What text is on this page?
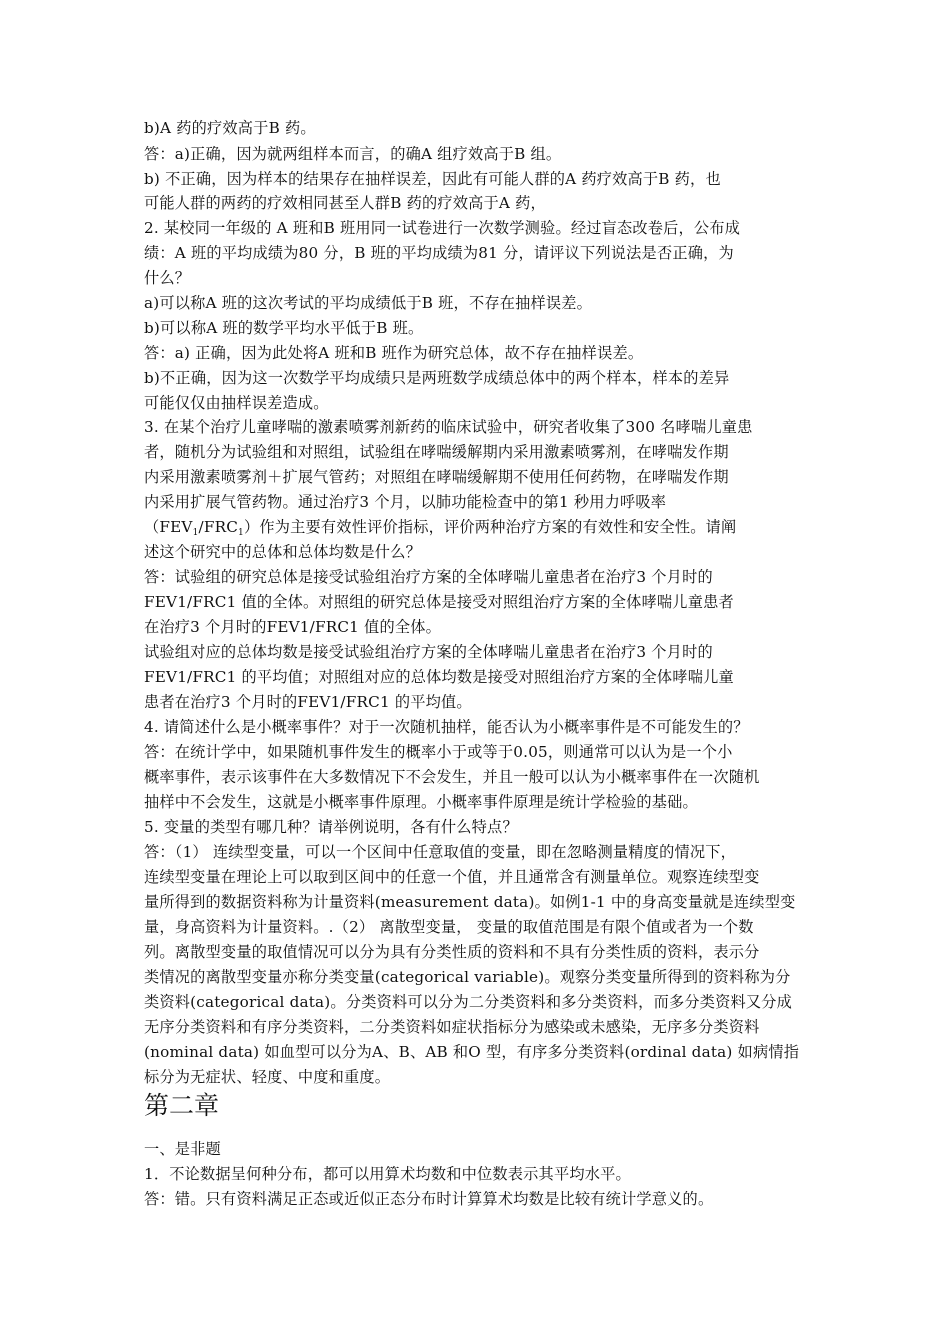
b)A 药的疗效高于B 药。
答：a)正确，因为就两组样本而言，的确A 组疗效高于B 组。
b) 不正确，因为样本的结果存在抽样误差，因此有可能人群的A 药疗效高于B 药，也
可能人群的两药的疗效相同甚至人群B 药的疗效高于A 药，
2. 某校同一年级的 A 班和B 班用同一试卷进行一次数学测验。经过盲态改卷后，公布成
绩：A 班的平均成绩为80 分，B 班的平均成绩为81 分，请评议下列说法是否正确，为
什么？
a)可以称A 班的这次考试的平均成绩低于B 班，不存在抽样误差。
b)可以称A 班的数学平均水平低于B 班。
答：a) 正确，因为此处将A 班和B 班作为研究总体，故不存在抽样误差。
b)不正确，因为这一次数学平均成绩只是两班数学成绩总体中的两个样本，样本的差异
可能仅仅由抽样误差造成。
3. 在某个治疗儿童哮喘的激素喷雾剂新药的临床试验中，研究者收集了300 名哮喘儿童患
者，随机分为试验组和对照组，试验组在哮喘缓解期内采用激素喷雾剂，在哮喘发作期
内采用激素喷雾剂＋扩展气管药；对照组在哮喘缓解期不使用任何药物，在哮喘发作期
内采用扩展气管药物。通过治疗3 个月，以肺功能检查中的第1 秒用力呼吸率
$(FEV_1/FRC_1)$作为主要有效性评价指标，评价两种治疗方案的有效性和安全性。请阐
述这个研究中的总体和总体均数是什么？
答：试验组的研究总体是接受试验组治疗方案的全体哮喘儿童患者在治疗3 个月时的
FEV1/FRC1 值的全体。对照组的研究总体是接受对照组治疗方案的全体哮喘儿童患者
在治疗3 个月时的FEV1/FRC1 值的全体。
试验组对应的总体均数是接受试验组治疗方案的全体哮喘儿童患者在治疗3 个月时的
FEV1/FRC1 的平均值；对照组对应的总体均数是接受对照组治疗方案的全体哮喘儿童
患者在治疗3 个月时的FEV1/FRC1 的平均值。
4. 请简述什么是小概率事件？对于一次随机抽样，能否认为小概率事件是不可能发生的？
答：在统计学中，如果随机事件发生的概率小于或等于0.05，则通常可以认为是一个小
概率事件，表示该事件在大多数情况下不会发生，并且一般可以认为小概率事件在一次随机
抽样中不会发生，这就是小概率事件原理。小概率事件原理是统计学检验的基础。
5. 变量的类型有哪几种？请举例说明，各有什么特点？
答：（1） 连续型变量，可以一个区间中任意取值的变量，即在忽略测量精度的情况下，
连续型变量在理论上可以取到区间中的任意一个值，并且通常含有测量单位。观察连续型变
量所得到的数据资料称为计量资料(measurement data)。如例1-1 中的身高变量就是连续型变
量，身高资料为计量资料。.（2） 离散型变量， 变量的取值范围是有限个值或者为一个数
列。离散型变量的取值情况可以分为具有分类性质的资料和不具有分类性质的资料，表示分
类情况的离散型变量亦称分类变量(categorical variable)。观察分类变量所得到的资料称为分
类资料(categorical data)。分类资料可以分为二分类资料和多分类资料，而多分类资料又分成
无序分类资料和有序分类资料，二分类资料如症状指标分为感染或未感染，无序多分类资料
(nominal data) 如血型可以分为A、B、AB 和O 型，有序多分类资料(ordinal data) 如病情指
标分为无症状、轻度、中度和重度。
第二章
一、是非题
1．不论数据呈何种分布，都可以用算术均数和中位数表示其平均水平。
答：错。只有资料满足正态或近似正态分布时计算算术均数是比较有统计学意义的。
